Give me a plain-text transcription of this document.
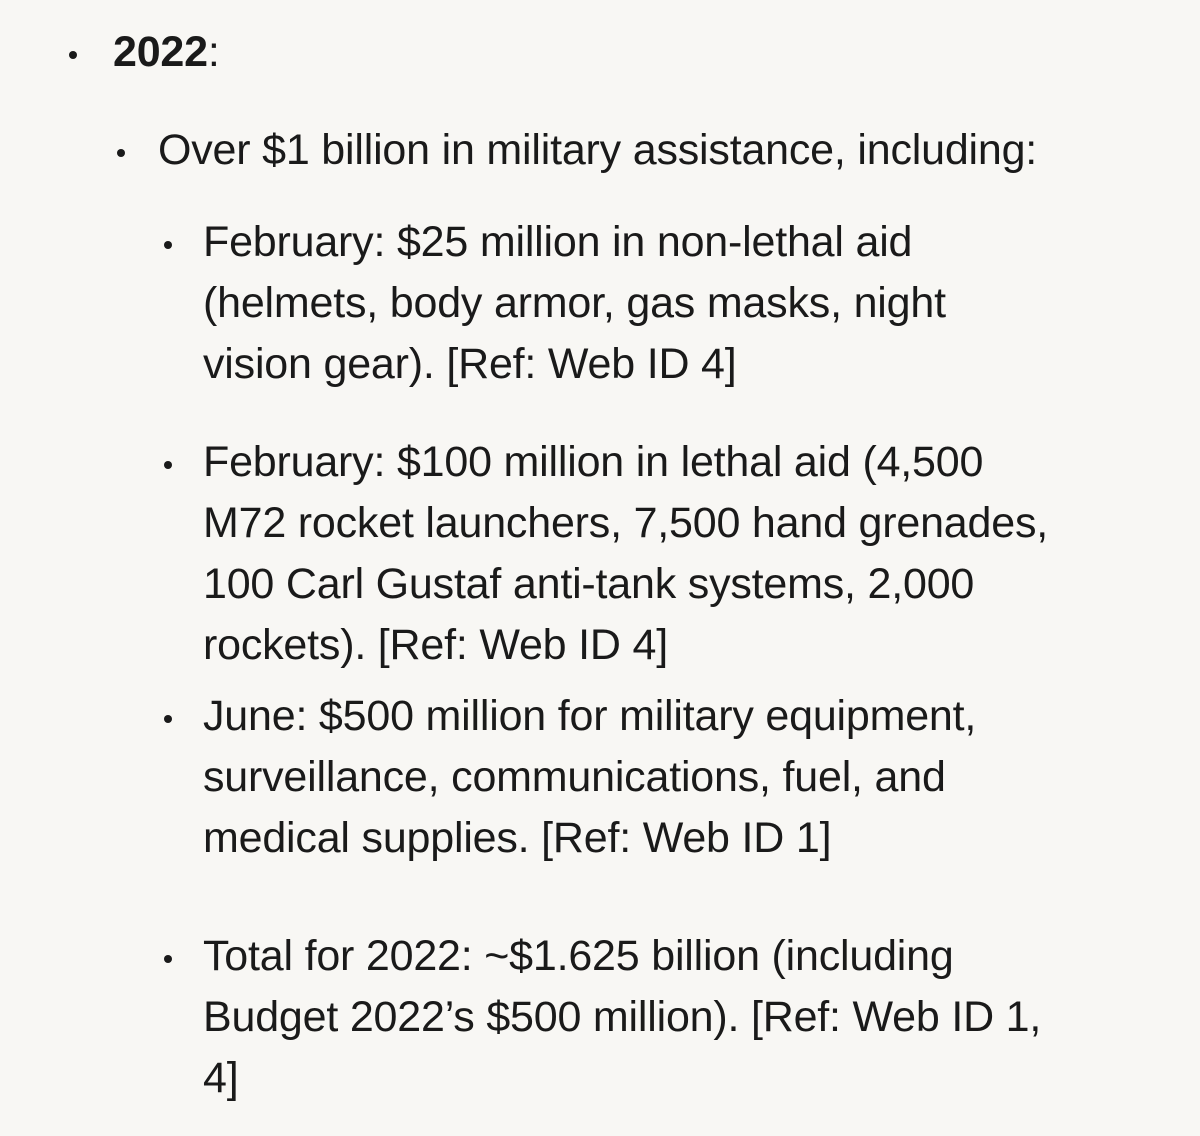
2022:
Over $1 billion in military assistance, including:
February: $25 million in non-lethal aid
(helmets, body armor, gas masks, night
vision gear). [Ref: Web ID 4]
February: $100 million in lethal aid (4,500
M72 rocket launchers, 7,500 hand grenades,
100 Carl Gustaf anti-tank systems, 2,000
rockets). [Ref: Web ID 4]
June: $500 million for military equipment,
surveillance, communications, fuel, and
medical supplies. [Ref: Web ID 1]
Total for 2022: ~$1.625 billion (including
Budget 2022’s $500 million). [Ref: Web ID 1,
4]
